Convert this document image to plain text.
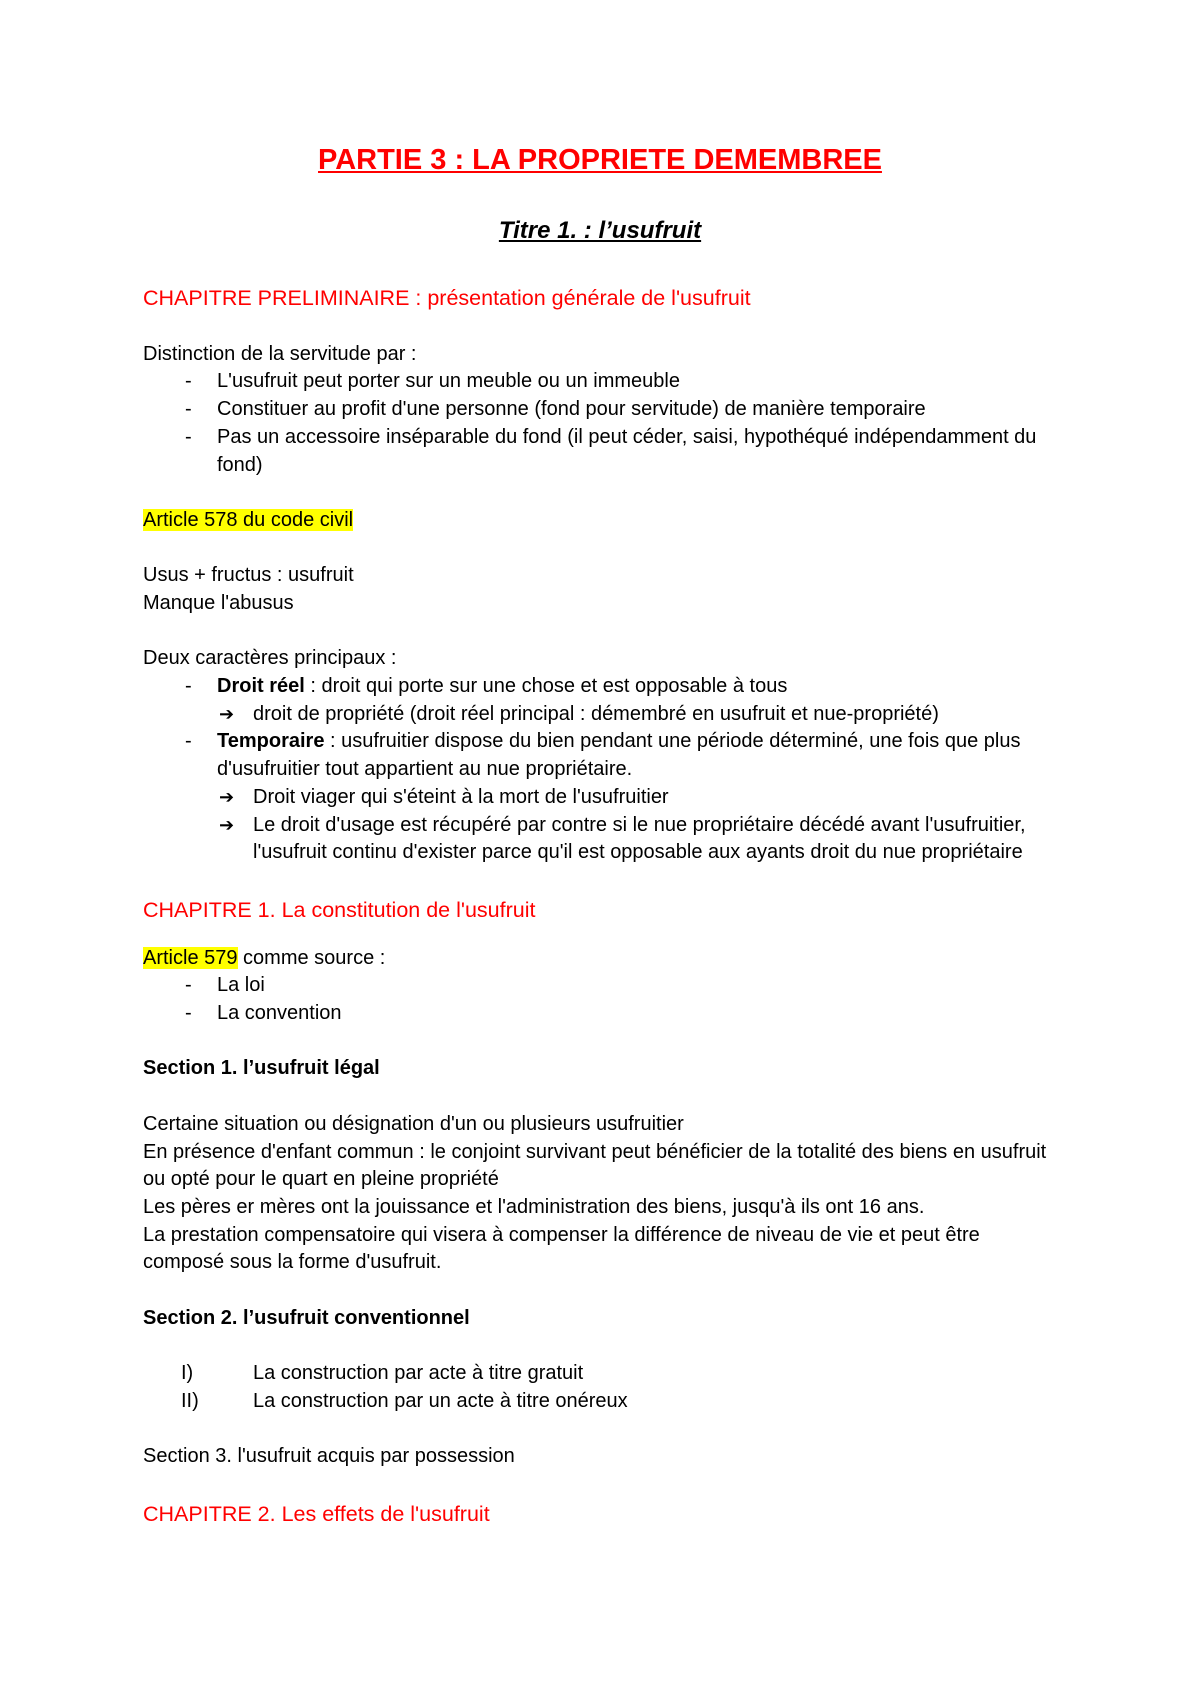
PARTIE 3 : LA PROPRIETE DEMEMBREE
Titre 1. : l’usufruit

CHAPITRE PRELIMINAIRE : présentation générale de l'usufruit

Distinction de la servitude par :

- L'usufruit peut porter sur un meuble ou un immeuble

- Constituer au profit d'une personne (fond pour servitude) de manière temporaire

- Pas un accessoire inséparable du fond (il peut céder, saisi, hypothéqué indépendamment du fond)

Article 578 du code civil

Usus + fructus : usufruit

Manque l'abusus

Deux caractères principaux :

- Droit réel : droit qui porte sur une chose et est opposable à tous

➔ droit de propriété (droit réel principal : démembré en usufruit et nue-propriété)

- Temporaire : usufruitier dispose du bien pendant une période déterminé, une fois que plus d'usufruitier tout appartient au nue propriétaire.

➔ Droit viager qui s'éteint à la mort de l'usufruitier

➔ Le droit d'usage est récupéré par contre si le nue propriétaire décédé avant l'usufruitier, l'usufruit continu d'exister parce qu'il est opposable aux ayants droit du nue propriétaire

CHAPITRE 1. La constitution de l'usufruit

Article 579 comme source :

- La loi

- La convention

Section 1. l’usufruit légal

Certaine situation ou désignation d'un ou plusieurs usufruitier

En présence d'enfant commun : le conjoint survivant peut bénéficier de la totalité des biens en usufruit ou opté pour le quart en pleine propriété

Les pères er mères ont la jouissance et l'administration des biens, jusqu'à ils ont 16 ans.

La prestation compensatoire qui visera à compenser la différence de niveau de vie et peut être composé sous la forme d'usufruit.

Section 2. l’usufruit conventionnel

I)	La construction par acte à titre gratuit

II)	La construction par un acte à titre onéreux

Section 3. l'usufruit acquis par possession

CHAPITRE 2. Les effets de l'usufruit
